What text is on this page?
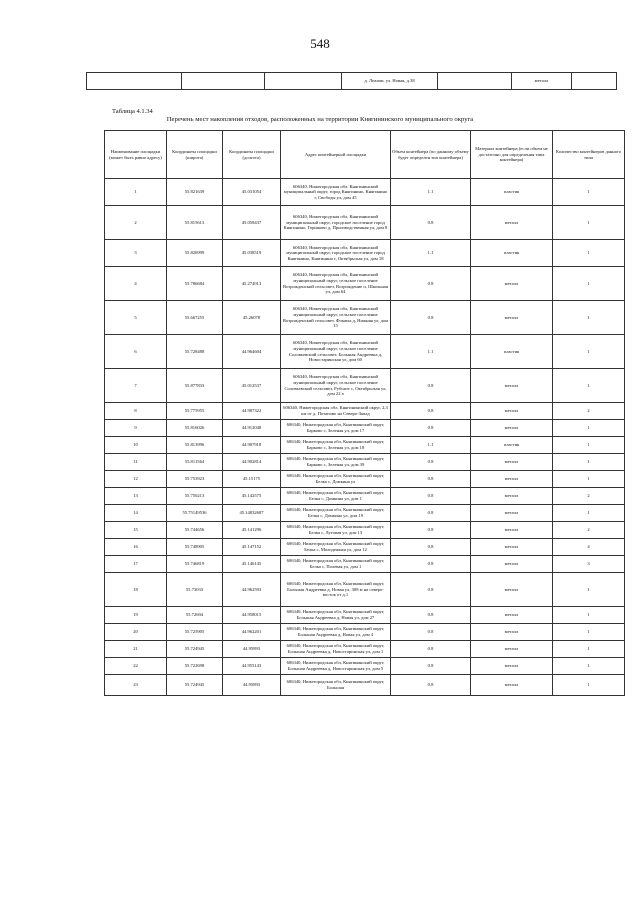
548
			д. Лихачи, ул. Новая, д.38		металл	
Таблица 4.1.34
Перечень мест накопления отходов, расположенных на территории Княгининского муниципального округа
Наименование площадки (может быть равно адресу)	Координаты площадки (широта)	Координаты площадки (долгота)	Адрес контейнерной площадки	Объем контейнера (по данному объему будет определен тип контейнера)	Материал контейнера (если объем не достаточно для определения типа контейнера)	Количество контейнеров данного типа
1	55.821639	45.031054	606340, Нижегородская обл, Княгининский муниципальный округ, город Княгинино, Княгинино г, Свободы ул, дом 45	1.1	пластик	1
2	55.815613	45.058437	606340, Нижегородская обл, Княгининский муниципальный округ, городское поселение город Княгинино, Горшково д, Производственная ул, дом 8	0.8	металл	1
3	55.826999	45.038519	606340, Нижегородская обл, Княгининский муниципальный округ, городское поселение город Княгинино, Княгинино г, Октябрьская ул, дом 18	1.1	пластик	1
4	55.786684	45.274913	606340, Нижегородская обл, Княгининский муниципальный округ, сельское поселение Возрожденский сельсовет, Возрождение п, Школьная ул, дом 64	0.8	металл	1
5	55.667255	45.26078	606340, Нижегородская обл, Княгининский муниципальный округ, сельское поселение Возрожденский сельсовет, Фомиха д, Нижняя ул, дом 15	0.8	металл	1
6	55.728488	44.964604	606340, Нижегородская обл, Княгининский муниципальный округ, сельское поселение Соловьевский сельсовет, Большая Андреевка д, Новостаринская ул, дом 60	1.1	пластик	1
7	55.877833	45.012537	606340, Нижегородская обл, Княгининский муниципальный округ, сельское поселение Соловьевский сельсовет, Рубское с, Октябрьская ул, дом 22 а	0.8	металл	1
8	55.775955	44.987322	606340, Нижегородская обл, Княгининский округ, 2,3 км от д. Потапово на Северо-Запад	0.8	металл	2
9	55.816026	44.912048	606340, Нижегородская обл, Княгининский округ, Барково с, Зеленая ул, дом 17	0.8	металл	1
10	55.813996	44.907918	606340, Нижегородская обл, Княгининский округ, Барково с, Зеленая ул, дом 18	1.1	пластик	1
11	55.811564	44.902814	606340, Нижегородская обл, Княгининский округ, Барково с, Зеленая ул, дом 39	0.8	металл	1
12	55.753923	45.15175	606340, Нижегородская обл, Княгининский округ, Белка с, Домкина ул	0.8	металл	1
13	55.750213	45.142575	606340, Нижегородская обл, Княгининский округ, Белка с, Домкина ул, дом 1	0.8	металл	2
14	55.75149536	45.14832687	606340, Нижегородская обл, Княгининский округ, Белка с, Домкина ул, дом 19	0.8	металл	1
15	55.744656	45.141296	606340, Нижегородская обл, Княгининский округ, Белка с, Луговая ул, дом 13	0.8	металл	2
16	55.748905	45.147152	606340, Нижегородская обл, Княгининский округ, Белка с, Молодежная ул, дом 12	0.8	металл	4
17	55.746819	45.146145	606340, Нижегородская обл, Княгининский округ, Белка с, Полевая ул, дом 1	0.8	металл	3
18	55.73033	44.962593	606340, Нижегородская обл, Княгининский округ, Большая Андреевка д, Новая ул, 308 м на северо-восток от д.1	0.8	металл	1
19	55.72694	44.958015	606340, Нижегородская обл, Княгининский округ, Большая Андреевка д, Новая ул, дом 27	0.8	металл	1
20	55.725905	44.962201	606340, Нижегородская обл, Княгининский округ, Большая Андреевка д, Новая ул, дом 4	0.8	металл	1
21	55.724945	44.95893	606340, Нижегородская обл, Княгининский округ, Большая Андреевка д, Новостаринская ул, дом 1	0.8	металл	1
22	55.722698	44.955143	606340, Нижегородская обл, Княгининский округ, Большая Андреевка д, Новостаринская ул, дом 5	0.8	металл	1
23	55.724945	44.95893	606340, Нижегородская обл, Княгининский округ, Большая	0.8	металл	1
